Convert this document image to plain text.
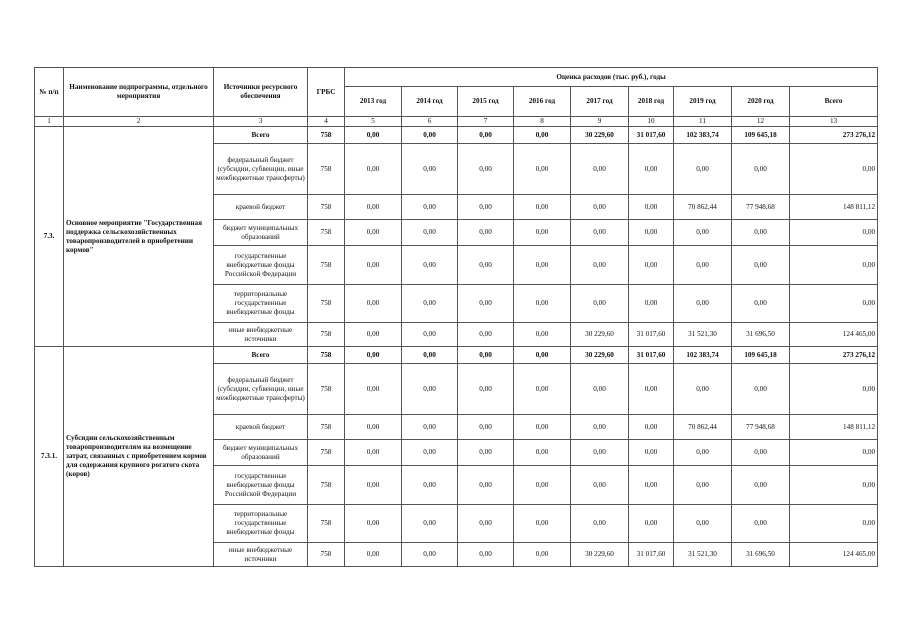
№ п/п	Наименование подпрограммы, отдельного мероприятия	Источники ресурсного обеспечения	ГРБС	Оценка расходов (тыс. руб.), годы								
				2013 год	2014 год	2015 год	2016 год	2017 год	2018 год	2019 год	2020 год	Всего
1	2	3	4	5	6	7	8	9	10	11	12	13
7.3.	Основное мероприятие "Государственная поддержка сельскохозяйственных товаропроизводителей в приобретении кормов"	Всего	758	0,00	0,00	0,00	0,00	30 229,60	31 017,60	102 383,74	109 645,18	273 276,12
		федеральный бюджет (субсидии, субвенции, иные межбюджетные трансферты)	758	0,00	0,00	0,00	0,00	0,00	0,00	0,00	0,00	0,00
		краевой бюджет	758	0,00	0,00	0,00	0,00	0,00	0,00	70 862,44	77 948,68	148 811,12
		бюджет муниципальных образований	758	0,00	0,00	0,00	0,00	0,00	0,00	0,00	0,00	0,00
		государственные внебюджетные фонды Российской Федерации	758	0,00	0,00	0,00	0,00	0,00	0,00	0,00	0,00	0,00
		территориальные государственные внебюджетные фонды	758	0,00	0,00	0,00	0,00	0,00	0,00	0,00	0,00	0,00
		иные внебюджетные источники	758	0,00	0,00	0,00	0,00	30 229,60	31 017,60	31 521,30	31 696,50	124 465,00
7.3.1.	Субсидии сельскохозяйственным товаропроизводителям на возмещение затрат, связанных с приобретением кормов для содержания крупного рогатого скота (коров)	Всего	758	0,00	0,00	0,00	0,00	30 229,60	31 017,60	102 383,74	109 645,18	273 276,12
		федеральный бюджет (субсидии, субвенции, иные межбюджетные трансферты)	758	0,00	0,00	0,00	0,00	0,00	0,00	0,00	0,00	0,00
		краевой бюджет	758	0,00	0,00	0,00	0,00	0,00	0,00	70 862,44	77 948,68	148 811,12
		бюджет муниципальных образований	758	0,00	0,00	0,00	0,00	0,00	0,00	0,00	0,00	0,00
		государственные внебюджетные фонды Российской Федерации	758	0,00	0,00	0,00	0,00	0,00	0,00	0,00	0,00	0,00
		территориальные государственные внебюджетные фонды	758	0,00	0,00	0,00	0,00	0,00	0,00	0,00	0,00	0,00
		иные внебюджетные источники	758	0,00	0,00	0,00	0,00	30 229,60	31 017,60	31 521,30	31 696,50	124 465,00
